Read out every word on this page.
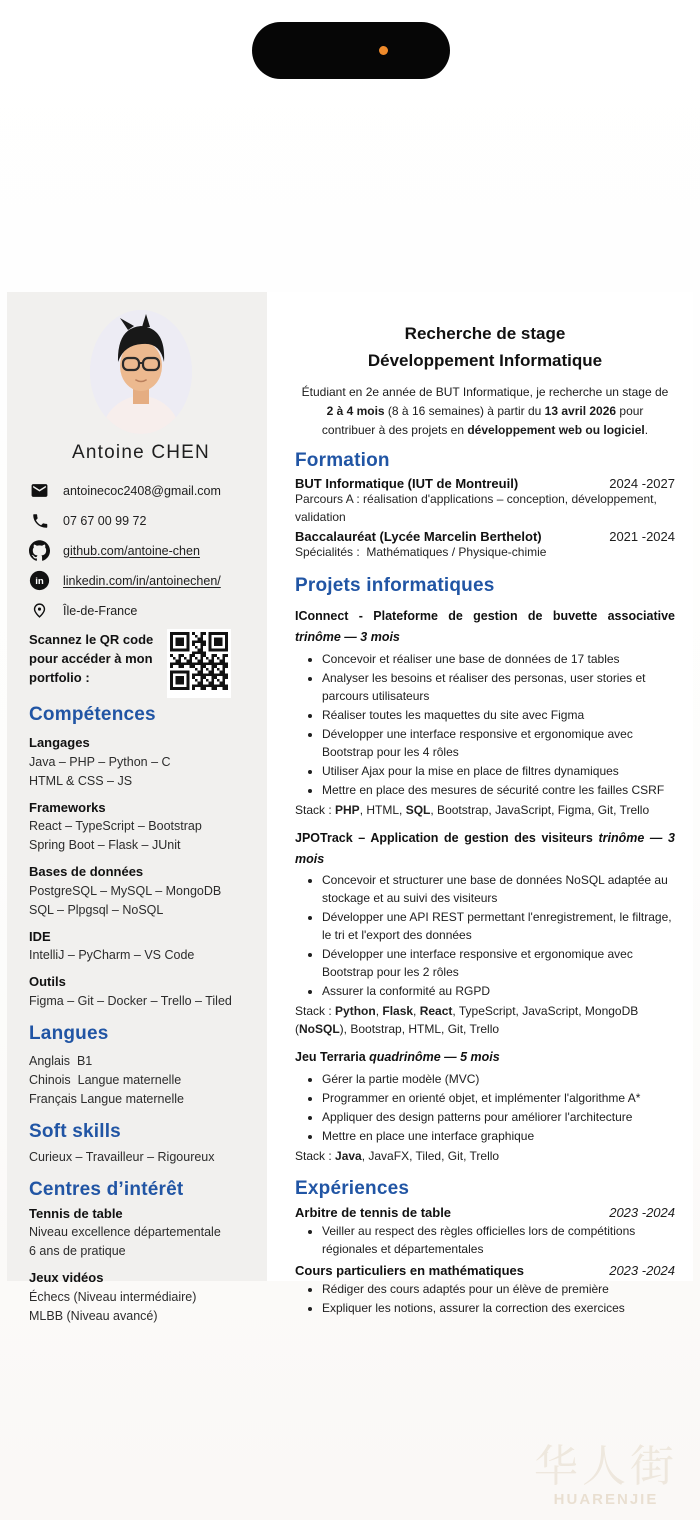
Antoine CHEN
antoinecoc2408@gmail.com
07 67 00 99 72
github.com/antoine-chen
in linkedin.com/in/antoinechen/
Île-de-France
Scannez le QR code pour accéder à mon portfolio :
Compétences
Langages
Java – PHP – Python – C
HTML & CSS – JS
Frameworks
React – TypeScript – Bootstrap
Spring Boot – Flask – JUnit
Bases de données
PostgreSQL – MySQL – MongoDB
SQL – Plpgsql – NoSQL
IDE
IntelliJ – PyCharm – VS Code
Outils
Figma – Git – Docker – Trello – Tiled
Langues
Anglais  B1
Chinois  Langue maternelle
Français Langue maternelle
Soft skills
Curieux – Travailleur – Rigoureux
Centres d’intérêt
Tennis de table
Niveau excellence départementale
6 ans de pratique
Jeux vidéos
Échecs (Niveau intermédiaire)
MLBB (Niveau avancé)
Recherche de stage
Développement Informatique

Étudiant en 2e année de BUT Informatique, je recherche un stage de 2 à 4 mois (8 à 16 semaines) à partir du 13 avril 2026 pour contribuer à des projets en développement web ou logiciel.

Formation
BUT Informatique (IUT de Montreuil)	2024 -2027
Parcours A : réalisation d'applications – conception, développement, validation
Baccalauréat (Lycée Marcelin Berthelot)	2021 -2024
Spécialités :  Mathématiques / Physique-chimie
Projets informatiques
IConnect - Plateforme de gestion de buvette associative
trinôme — 3 mois
• Concevoir et réaliser une base de données de 17 tables
• Analyser les besoins et réaliser des personas, user stories et parcours utilisateurs
• Réaliser toutes les maquettes du site avec Figma
• Développer une interface responsive et ergonomique avec Bootstrap pour les 4 rôles
• Utiliser Ajax pour la mise en place de filtres dynamiques
• Mettre en place des mesures de sécurité contre les failles CSRF
Stack : PHP, HTML, SQL, Bootstrap, JavaScript, Figma, Git, Trello
JPOTrack – Application de gestion des visiteurs trinôme — 3 mois
• Concevoir et structurer une base de données NoSQL adaptée au stockage et au suivi des visiteurs
• Développer une API REST permettant l'enregistrement, le filtrage, le tri et l'export des données
• Développer une interface responsive et ergonomique avec Bootstrap pour les 2 rôles
• Assurer la conformité au RGPD
Stack : Python, Flask, React, TypeScript, JavaScript, MongoDB (NoSQL), Bootstrap, HTML, Git, Trello
Jeu Terraria quadrinôme — 5 mois
• Gérer la partie modèle (MVC)
• Programmer en orienté objet, et implémenter l'algorithme A*
• Appliquer des design patterns pour améliorer l'architecture
• Mettre en place une interface graphique
Stack : Java, JavaFX, Tiled, Git, Trello
Expériences
Arbitre de tennis de table	2023 -2024
• Veiller au respect des règles officielles lors de compétitions régionales et départementales
Cours particuliers en mathématiques	2023 -2024
• Rédiger des cours adaptés pour un élève de première
• Expliquer les notions, assurer la correction des exercices
华人街
HUARENJIE
